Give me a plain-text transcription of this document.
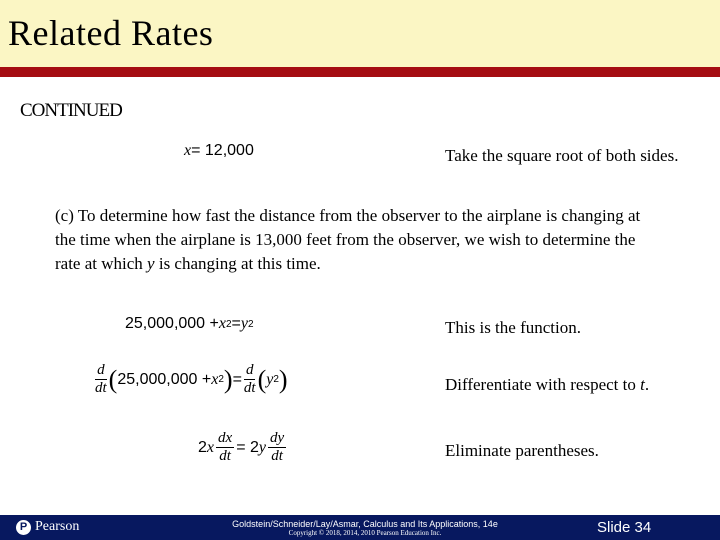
Related Rates
CONTINUED
x = 12,000	Take the square root of both sides.
(c) To determine how fast the distance from the observer to the airplane is changing at the time when the airplane is 13,000 feet from the observer, we wish to determine the rate at which y is changing at this time.
25,000,000 + x 2 = y 2	This is the function.
$\frac{d}{dt}$ ( 25,000,000 + x 2 ) = $\frac{d}{dt}$ ( y 2 )	Differentiate with respect to t.
2 x $\frac{dx}{dt} = 2$ y $\frac{dy}{dt}$	Eliminate parentheses.
P Pearson	Goldstein/Schneider/Lay/Asmar, Calculus and Its Applications, 14e
Copyright © 2018, 2014, 2010 Pearson Education Inc.	Slide 34
